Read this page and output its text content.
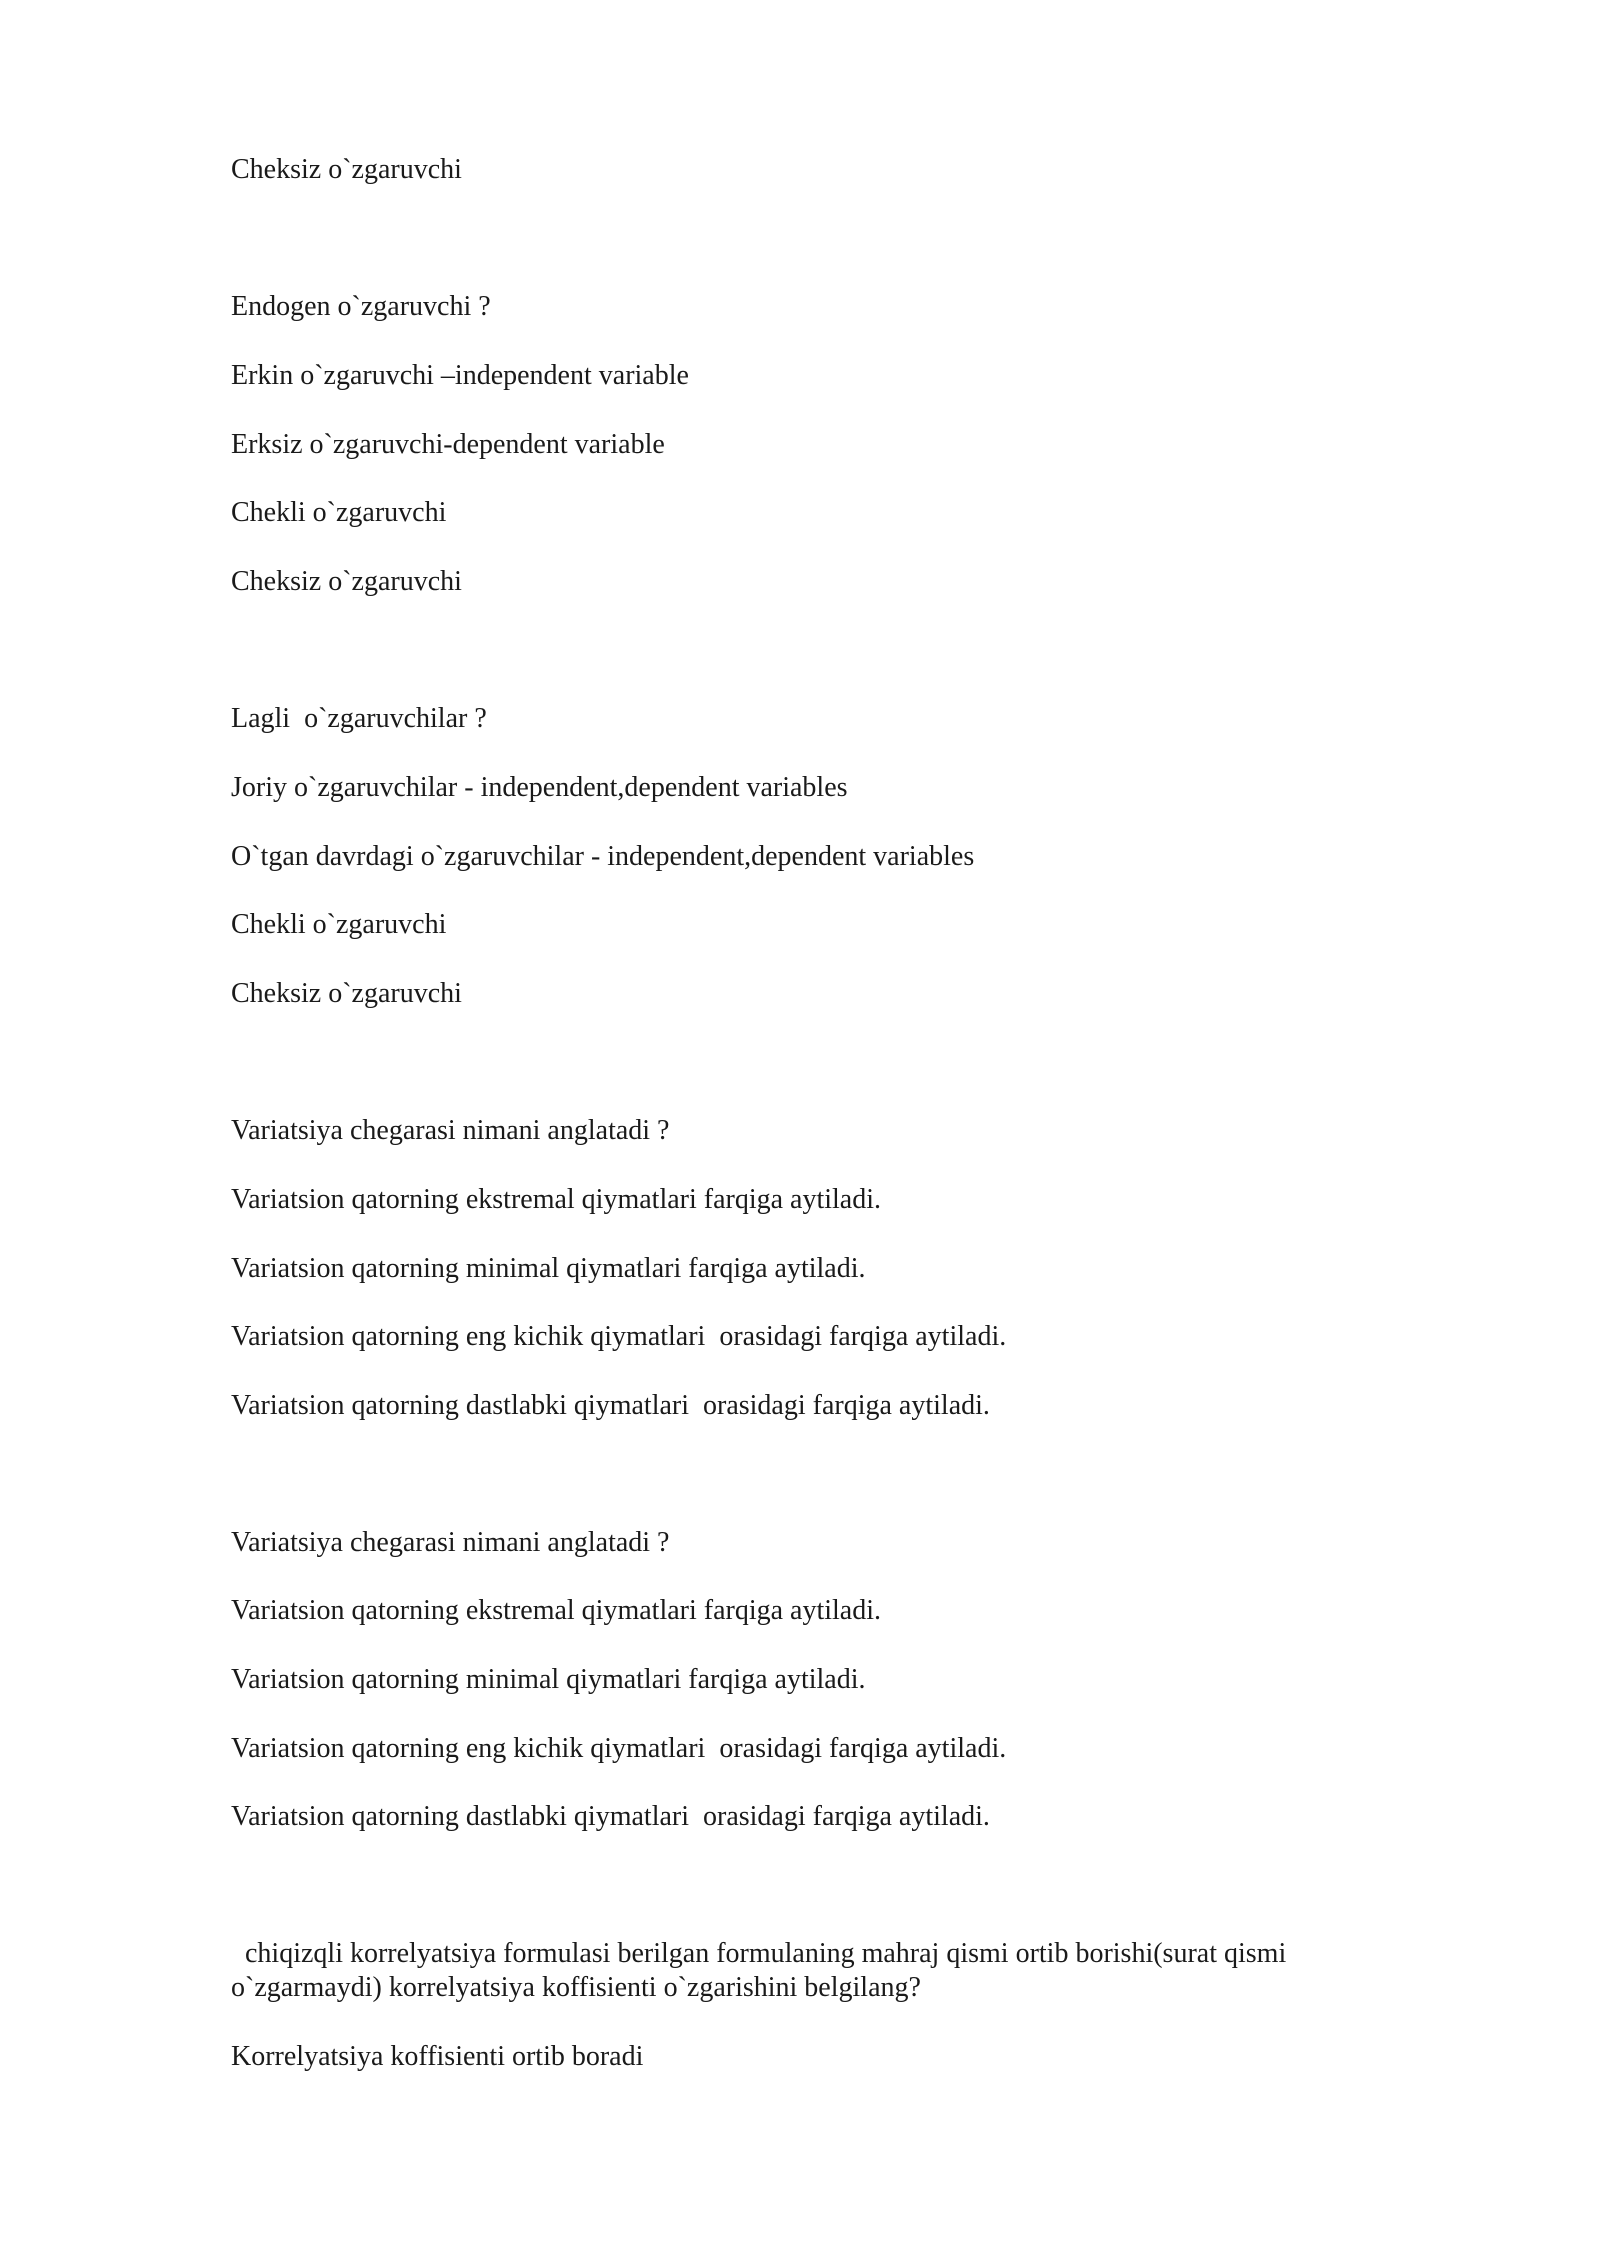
Cheksiz o`zgaruvchi
Endogen o`zgaruvchi ?
Erkin o`zgaruvchi –independent variable
Erksiz o`zgaruvchi-dependent variable
Chekli o`zgaruvchi
Cheksiz o`zgaruvchi
Lagli  o`zgaruvchilar ?
Joriy o`zgaruvchilar - independent,dependent variables
O`tgan davrdagi o`zgaruvchilar - independent,dependent variables
Chekli o`zgaruvchi
Cheksiz o`zgaruvchi
Variatsiya chegarasi nimani anglatadi ?
Variatsion qatorning ekstremal qiymatlari farqiga aytiladi.
Variatsion qatorning minimal qiymatlari farqiga aytiladi.
Variatsion qatorning eng kichik qiymatlari  orasidagi farqiga aytiladi.
Variatsion qatorning dastlabki qiymatlari  orasidagi farqiga aytiladi.
Variatsiya chegarasi nimani anglatadi ?
Variatsion qatorning ekstremal qiymatlari farqiga aytiladi.
Variatsion qatorning minimal qiymatlari farqiga aytiladi.
Variatsion qatorning eng kichik qiymatlari  orasidagi farqiga aytiladi.
Variatsion qatorning dastlabki qiymatlari  orasidagi farqiga aytiladi.
chiqizqli korrelyatsiya formulasi berilgan formulaning mahraj qismi ortib borishi(surat qismi
o`zgarmaydi) korrelyatsiya koffisienti o`zgarishini belgilang?
Korrelyatsiya koffisienti ortib boradi
